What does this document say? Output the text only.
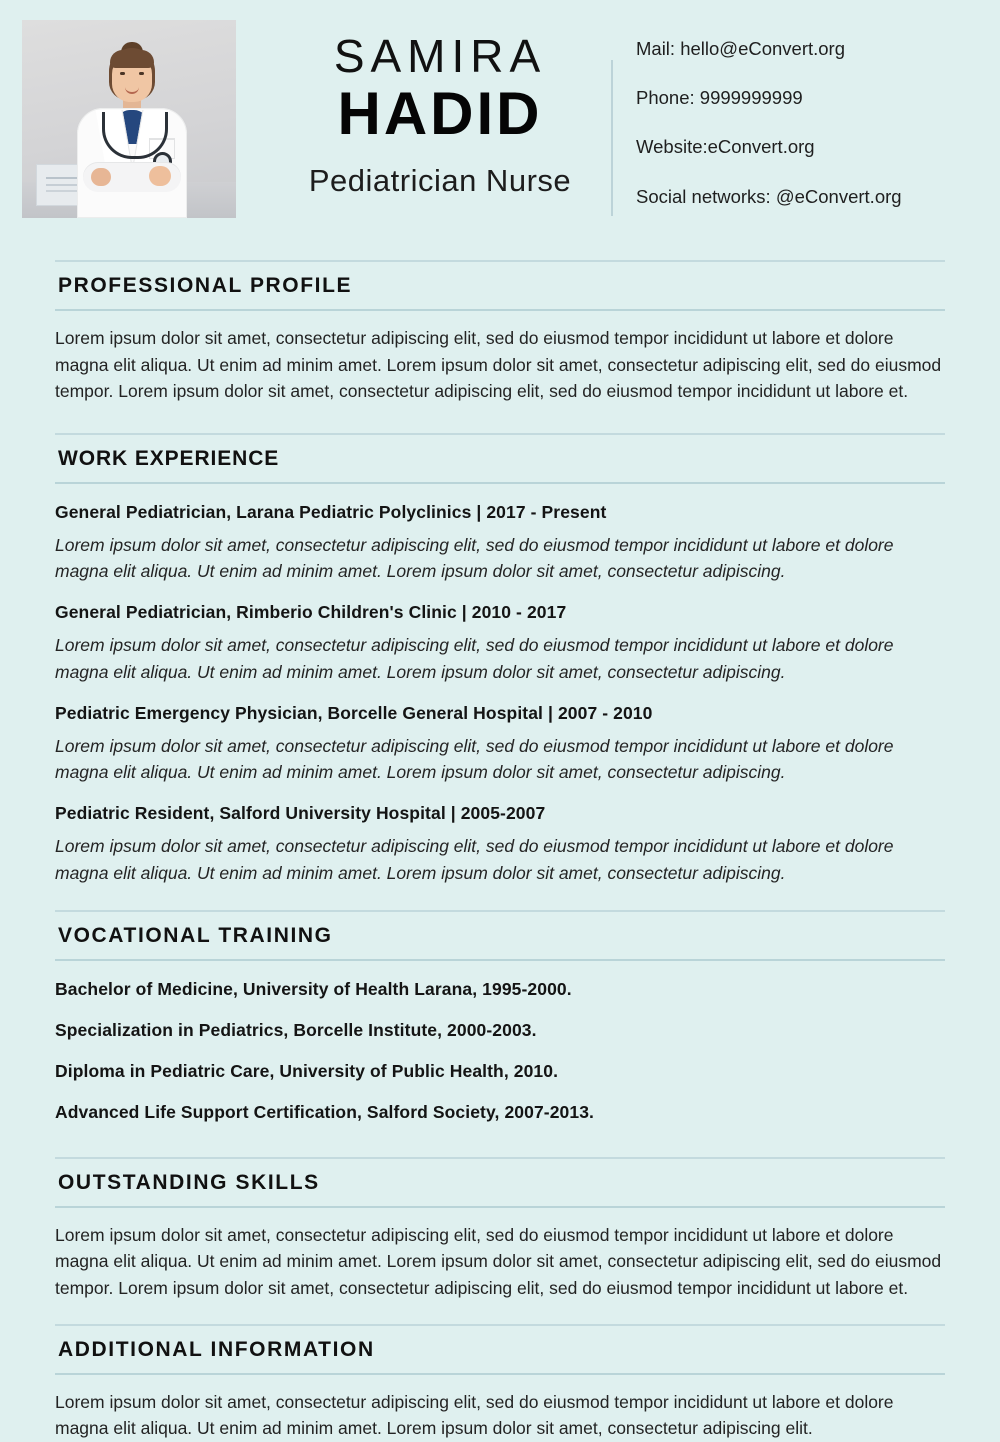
SAMIRA
HADID
Pediatrician Nurse
Mail: hello@eConvert.org
Phone: 9999999999
Website:eConvert.org
Social networks: @eConvert.org
PROFESSIONAL PROFILE
Lorem ipsum dolor sit amet, consectetur adipiscing elit, sed do eiusmod tempor incididunt ut labore et dolore magna elit aliqua. Ut enim ad minim amet. Lorem ipsum dolor sit amet, consectetur adipiscing elit, sed do eiusmod tempor. Lorem ipsum dolor sit amet, consectetur adipiscing elit, sed do eiusmod tempor incididunt ut labore et.
WORK EXPERIENCE
General Pediatrician, Larana Pediatric Polyclinics | 2017 - Present
Lorem ipsum dolor sit amet, consectetur adipiscing elit, sed do eiusmod tempor incididunt ut labore et dolore magna elit aliqua. Ut enim ad minim amet. Lorem ipsum dolor sit amet, consectetur adipiscing.
General Pediatrician, Rimberio Children's Clinic | 2010 - 2017
Lorem ipsum dolor sit amet, consectetur adipiscing elit, sed do eiusmod tempor incididunt ut labore et dolore magna elit aliqua. Ut enim ad minim amet. Lorem ipsum dolor sit amet, consectetur adipiscing.
Pediatric Emergency Physician, Borcelle General Hospital | 2007 - 2010
Lorem ipsum dolor sit amet, consectetur adipiscing elit, sed do eiusmod tempor incididunt ut labore et dolore magna elit aliqua. Ut enim ad minim amet. Lorem ipsum dolor sit amet, consectetur adipiscing.
Pediatric Resident, Salford University Hospital | 2005-2007
Lorem ipsum dolor sit amet, consectetur adipiscing elit, sed do eiusmod tempor incididunt ut labore et dolore magna elit aliqua. Ut enim ad minim amet. Lorem ipsum dolor sit amet, consectetur adipiscing.
VOCATIONAL TRAINING
Bachelor of Medicine, University of Health Larana, 1995-2000.
Specialization in Pediatrics, Borcelle Institute, 2000-2003.
Diploma in Pediatric Care, University of Public Health, 2010.
Advanced Life Support Certification, Salford Society, 2007-2013.
OUTSTANDING SKILLS
Lorem ipsum dolor sit amet, consectetur adipiscing elit, sed do eiusmod tempor incididunt ut labore et dolore magna elit aliqua. Ut enim ad minim amet. Lorem ipsum dolor sit amet, consectetur adipiscing elit, sed do eiusmod tempor. Lorem ipsum dolor sit amet, consectetur adipiscing elit, sed do eiusmod tempor incididunt ut labore et.
ADDITIONAL INFORMATION
Lorem ipsum dolor sit amet, consectetur adipiscing elit, sed do eiusmod tempor incididunt ut labore et dolore magna elit aliqua. Ut enim ad minim amet. Lorem ipsum dolor sit amet, consectetur adipiscing elit.
